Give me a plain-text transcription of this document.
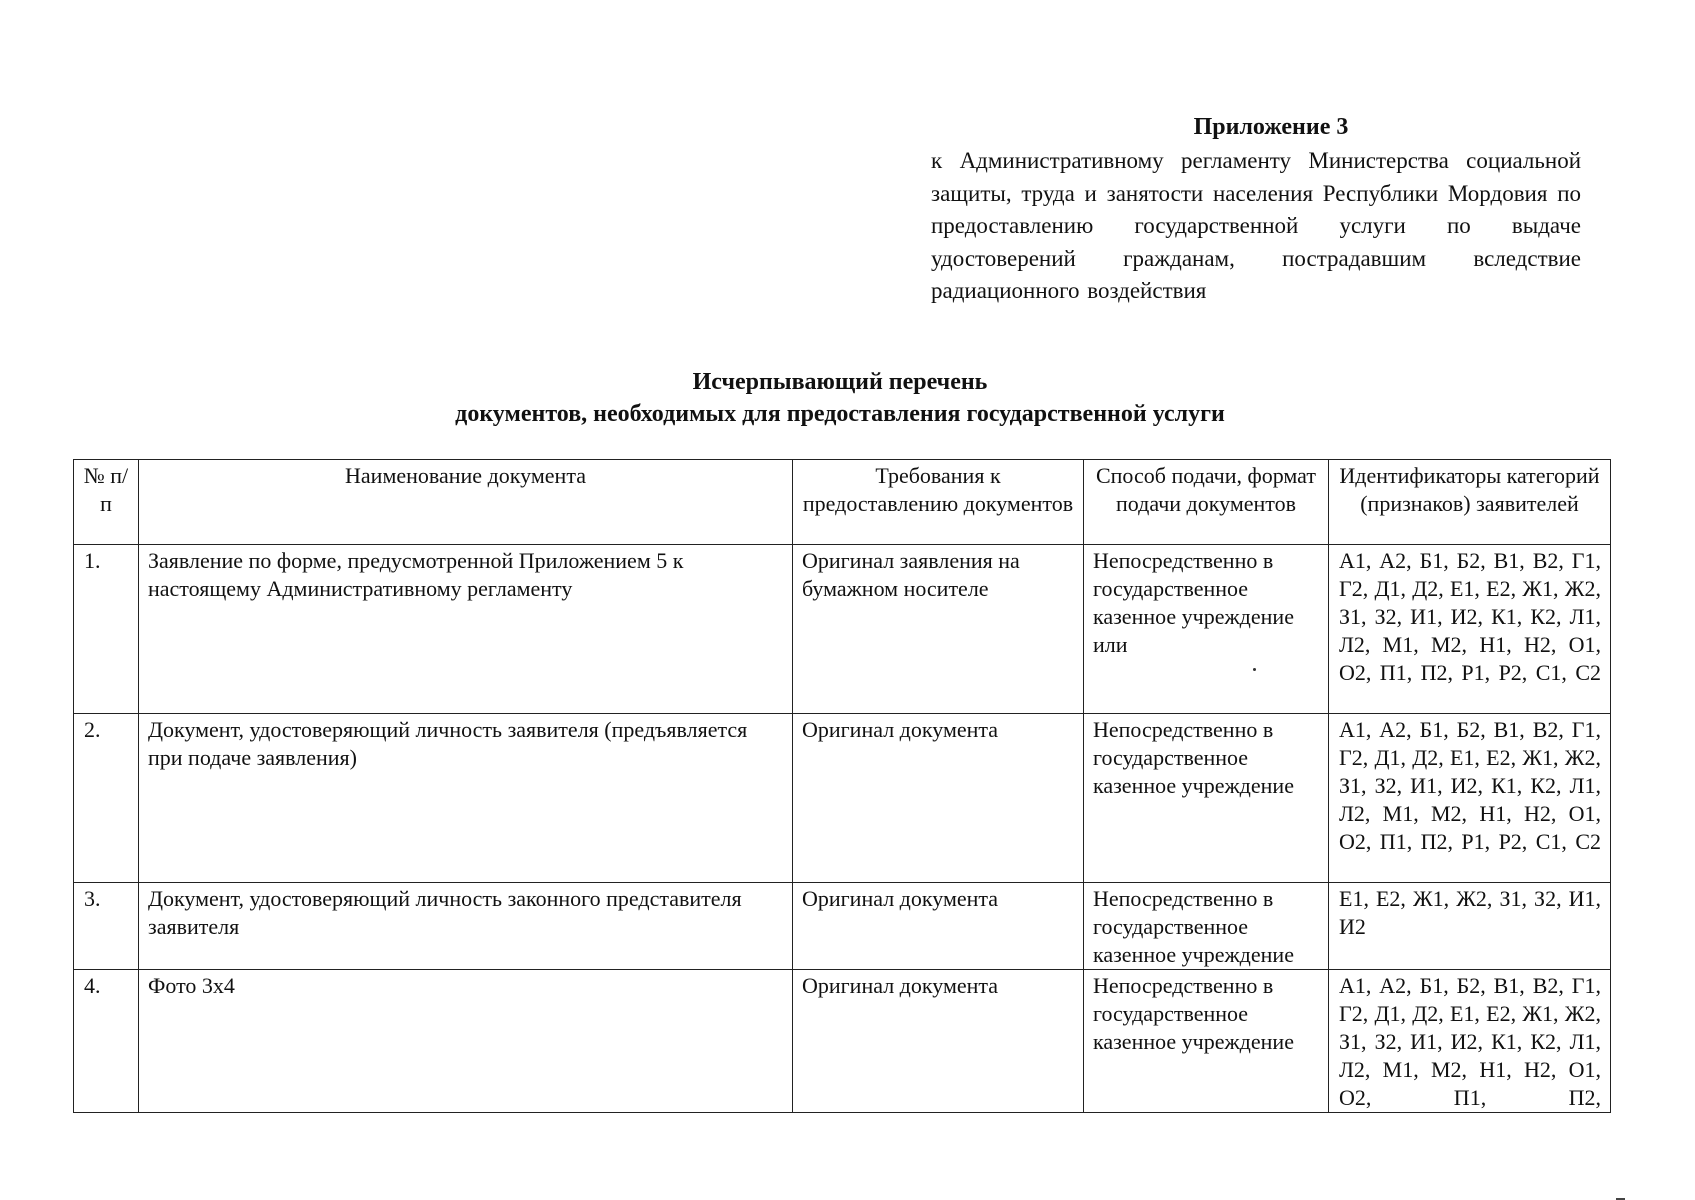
Приложение 3
к Административному регламенту Министерства социальной защиты, труда и занятости населения Республики Мордовия по предоставлению государственной услуги по выдаче удостоверений гражданам, пострадавшим вследствие радиационного воздействия
Исчерпывающий перечень
документов, необходимых для предоставления государственной услуги
№ п/п	Наименование документа	Требования к предоставлению документов	Способ подачи, формат подачи документов	Идентификаторы категорий (признаков) заявителей
1.	Заявление по форме, предусмотренной Приложением 5 к настоящему Административному регламенту	Оригинал заявления на бумажном носителе	Непосредственно в государственное казенное учреждение или	А1, А2, Б1, Б2, В1, В2, Г1, Г2, Д1, Д2, Е1, Е2, Ж1, Ж2, З1, З2, И1, И2, К1, К2, Л1, Л2, М1, М2, Н1, Н2, О1, О2, П1, П2, Р1, Р2, С1, С2
2.	Документ, удостоверяющий личность заявителя (предъявляется при подаче заявления)	Оригинал документа	Непосредственно в государственное казенное учреждение	А1, А2, Б1, Б2, В1, В2, Г1, Г2, Д1, Д2, Е1, Е2, Ж1, Ж2, З1, З2, И1, И2, К1, К2, Л1, Л2, М1, М2, Н1, Н2, О1, О2, П1, П2, Р1, Р2, С1, С2
3.	Документ, удостоверяющий личность законного представителя заявителя	Оригинал документа	Непосредственно в государственное казенное учреждение	Е1, Е2, Ж1, Ж2, З1, З2, И1, И2
4.	Фото 3х4	Оригинал документа	Непосредственно в государственное казенное учреждение	А1, А2, Б1, Б2, В1, В2, Г1, Г2, Д1, Д2, Е1, Е2, Ж1, Ж2, З1, З2, И1, И2, К1, К2, Л1, Л2, М1, М2, Н1, Н2, О1, О2, П1, П2,
